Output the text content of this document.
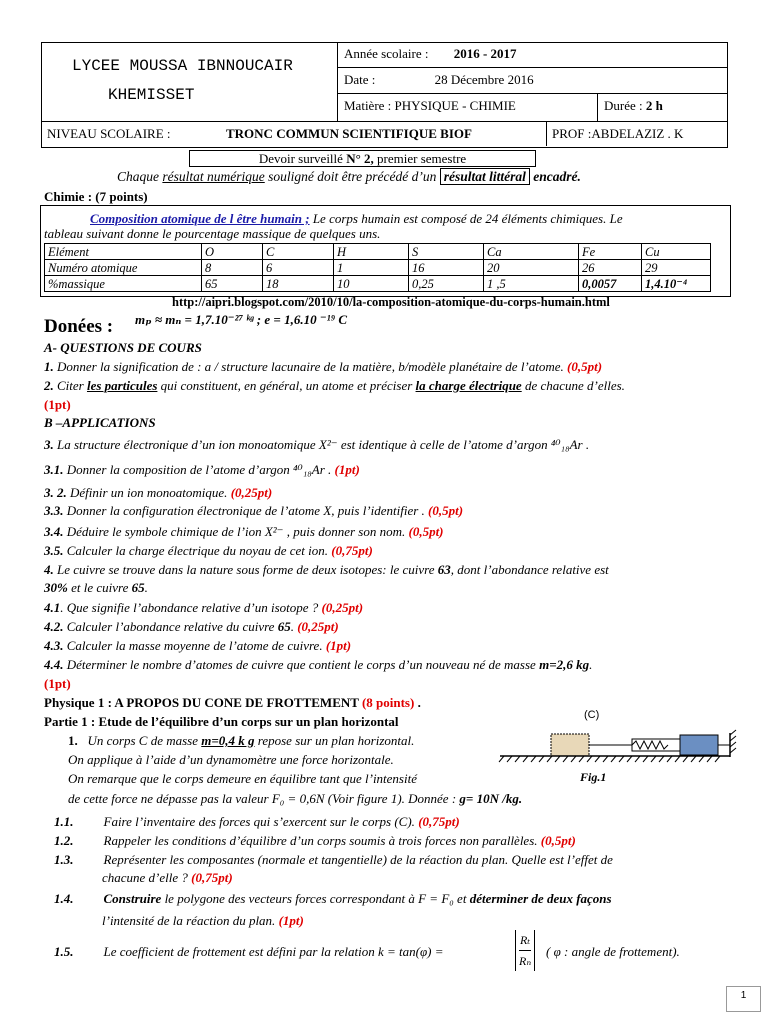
LYCEE MOUSSA IBNNOUCAIR
KHEMISSET
Année scolaire : 2016 - 2017
Date :	28 Décembre 2016
Matière : PHYSIQUE - CHIMIE	Durée : 2 h
NIVEAU SCOLAIRE :	TRONC COMMUN SCIENTIFIQUE BIOF	PROF :ABDELAZIZ . K
Devoir surveillé N° 2, premier semestre
Chaque résultat numérique souligné doit être précédé d’un résultat littéral encadré.
Chimie : (7 points)
Composition atomique de l être humain ; Le corps humain est composé de 24 éléments chimiques. Le
tableau suivant donne le pourcentage massique de quelques uns.
Elément	O	C	H	S	Ca	Fe	Cu
Numéro atomique	8	6	1	16	20	26	29
%massique	65	18	10	0,25	1 ,5	0,0057	1,4.10⁻⁴
http://aipri.blogspot.com/2010/10/la-composition-atomique-du-corps-humain.html
Donées : mₚ ≈ mₙ = 1,7.10⁻²⁷ ᵏᵍ ; e = 1,6.10 ⁻¹⁹ C
A- QUESTIONS DE COURS
1. Donner la signification de : a / structure lacunaire de la matière, b/modèle planétaire de l’atome. (0,5pt)
2. Citer les particules qui constituent, en général, un atome et préciser la charge électrique de chacune d’elles.
(1pt)
B –APPLICATIONS
3. La structure électronique d’un ion monoatomique X²⁻ est identique à celle de l’atome d’argon ⁴⁰₁₈Ar .
3.1. Donner la composition de l’atome d’argon ⁴⁰₁₈Ar . (1pt)
3. 2. Définir un ion monoatomique. (0,25pt)
3.3. Donner la configuration électronique de l’atome X, puis l’identifier . (0,5pt)
3.4. Déduire le symbole chimique de l’ion X²⁻ , puis donner son nom. (0,5pt)
3.5. Calculer la charge électrique du noyau de cet ion. (0,75pt)
4. Le cuivre se trouve dans la nature sous forme de deux isotopes: le cuivre 63, dont l’abondance relative est
30% et le cuivre 65.
4.1. Que signifie l’abondance relative d’un isotope ? (0,25pt)
4.2. Calculer l’abondance relative du cuivre 65. (0,25pt)
4.3. Calculer la masse moyenne de l’atome de cuivre. (1pt)
4.4. Déterminer le nombre d’atomes de cuivre que contient le corps d’un nouveau né de masse m=2,6 kg.
(1pt)
Physique 1 : A PROPOS DU CONE DE FROTTEMENT (8 points) .
Partie 1 : Etude de l’équilibre d’un corps sur un plan horizontal
1. Un corps C de masse m=0,4 k g repose sur un plan horizontal.
On applique à l’aide d’un dynamomètre une force horizontale.
On remarque que le corps demeure en équilibre tant que l’intensité
de cette force ne dépasse pas la valeur F₀ = 0,6N (Voir figure 1). Donnée : g= 10N /kg.
(C)
Fig.1
1.1. Faire l’inventaire des forces qui s’exercent sur le corps (C). (0,75pt)
1.2. Rappeler les conditions d’équilibre d’un corps soumis à trois forces non parallèles. (0,5pt)
1.3. Représenter les composantes (normale et tangentielle) de la réaction du plan. Quelle est l’effet de
chacune d’elle ? (0,75pt)
1.4. Construire le polygone des vecteurs forces correspondant à F = F₀ et déterminer de deux façons
l’intensité de la réaction du plan. (1pt)
1.5. Le coefficient de frottement est défini par la relation k = tan(φ) =	$\frac{\text{Rₜ}}{\text{Rₙ}}$ ( φ : angle de frottement).
1
